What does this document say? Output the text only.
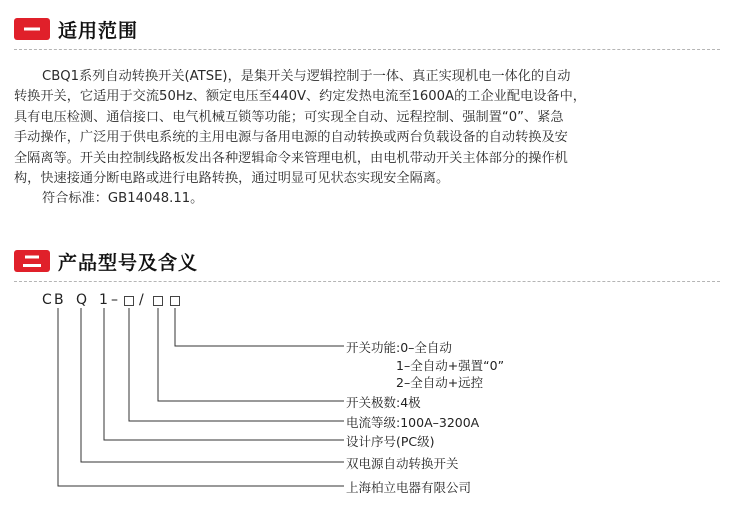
适用范围

CBQ1系列自动转换开关(ATSE)，是集开关与逻辑控制于一体、真正实现机电一体化的自动

转换开关，它适用于交流50Hz、额定电压至440V、约定发热电流至1600A的工企业配电设备中，

具有电压检测、通信接口、电气机械互锁等功能；可实现全自动、远程控制、强制置“0”、紧急

手动操作，广泛用于供电系统的主用电源与备用电源的自动转换或两台负载设备的自动转换及安

全隔离等。开关由控制线路板发出各种逻辑命令来管理电机，由电机带动开关主体部分的操作机

构，快速接通分断电路或进行电路转换，通过明显可见状态实现安全隔离。

符合标准：GB14048.11。

产品型号及含义
C B Q 1 – /
开关功能:0–全自动
1–全自动+强置“0”
2–全自动+远控
开关极数:4极
电流等级:100A–3200A
设计序号(PC级)
双电源自动转换开关
上海柏立电器有限公司
